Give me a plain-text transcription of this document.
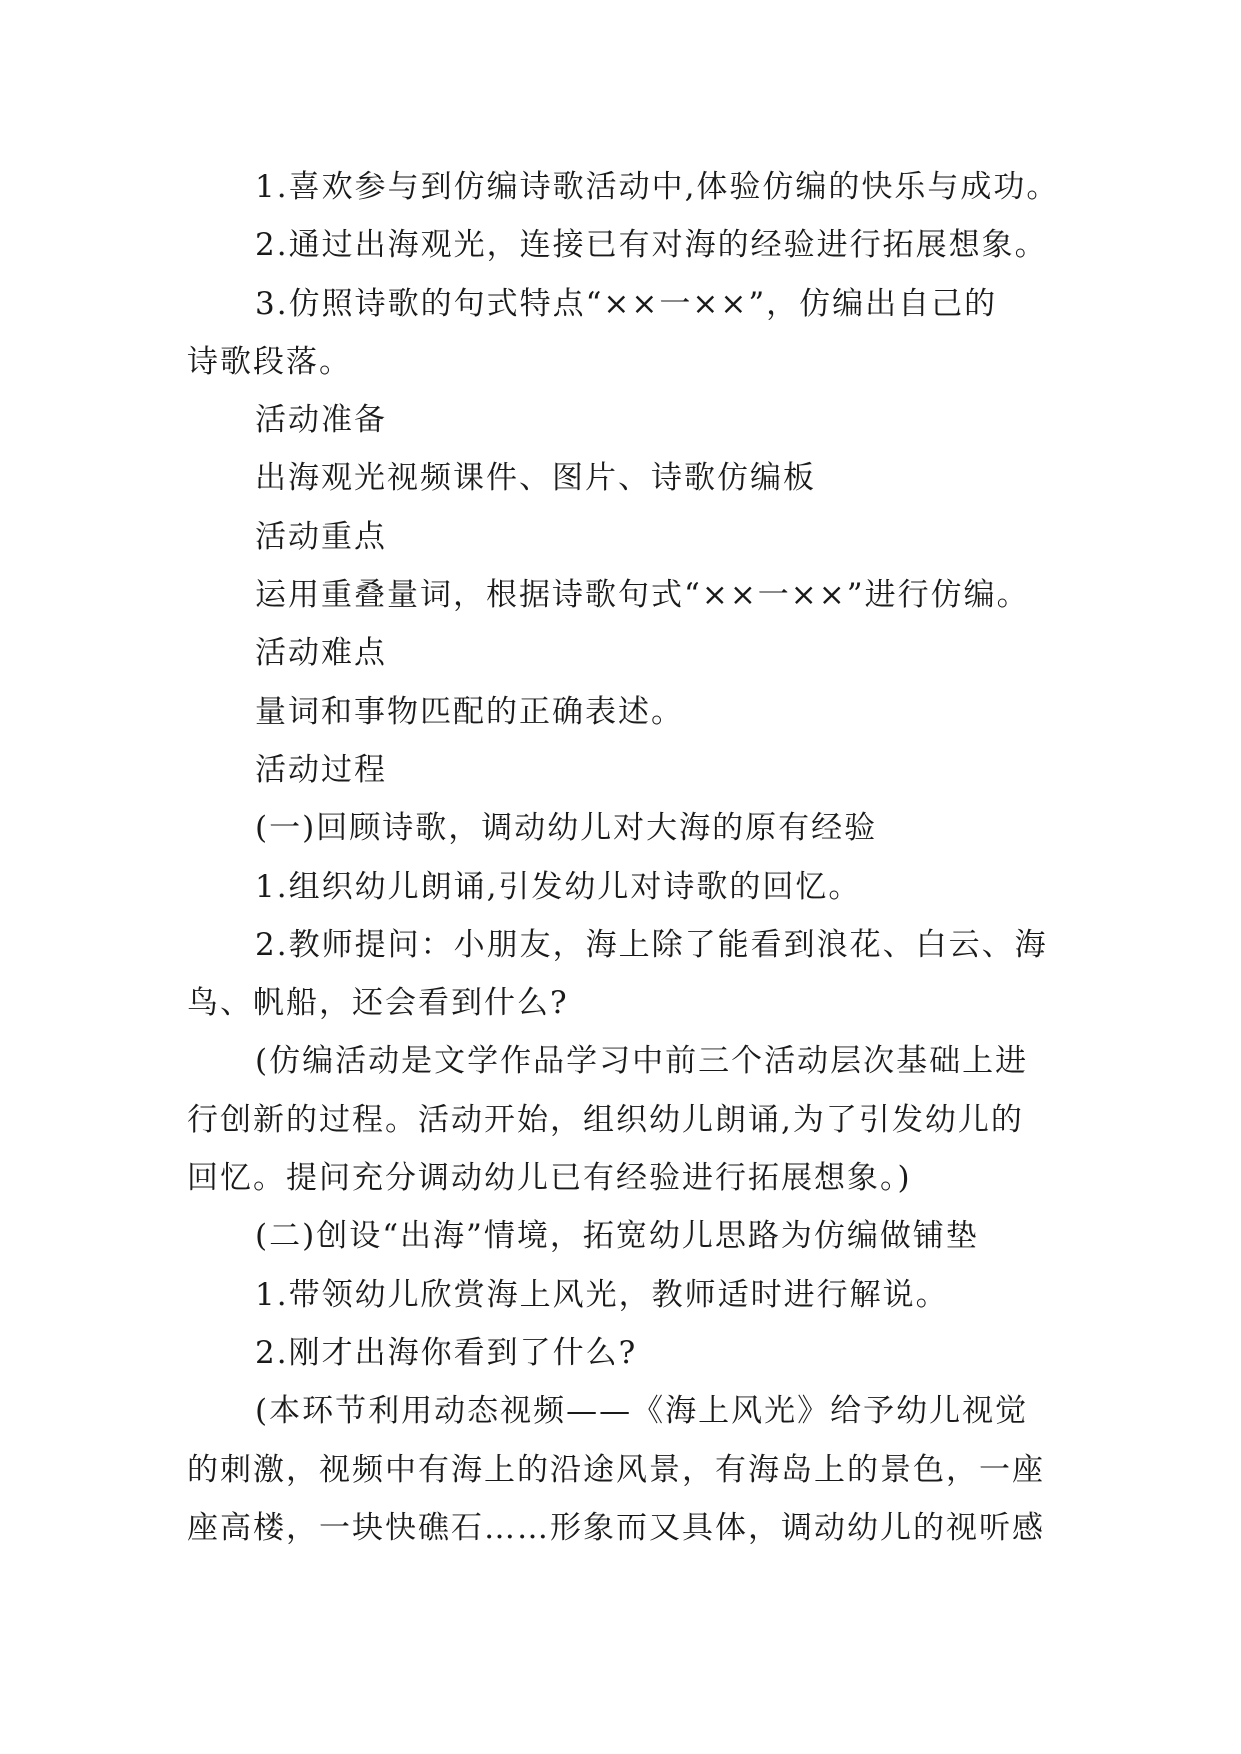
1.喜欢参与到仿编诗歌活动中,体验仿编的快乐与成功。
2.通过出海观光，连接已有对海的经验进行拓展想象。
3.仿照诗歌的句式特点“××一××”，仿编出自己的
诗歌段落。
活动准备
出海观光视频课件、图片、诗歌仿编板
活动重点
运用重叠量词，根据诗歌句式“××一××”进行仿编。
活动难点
量词和事物匹配的正确表述。
活动过程
(一)回顾诗歌，调动幼儿对大海的原有经验
1.组织幼儿朗诵,引发幼儿对诗歌的回忆。
2.教师提问：小朋友，海上除了能看到浪花、白云、海
鸟、帆船，还会看到什么?
(仿编活动是文学作品学习中前三个活动层次基础上进
行创新的过程。活动开始，组织幼儿朗诵,为了引发幼儿的
回忆。提问充分调动幼儿已有经验进行拓展想象。)
(二)创设“出海”情境，拓宽幼儿思路为仿编做铺垫
1.带领幼儿欣赏海上风光，教师适时进行解说。
2.刚才出海你看到了什么?
(本环节利用动态视频——《海上风光》给予幼儿视觉
的刺激，视频中有海上的沿途风景，有海岛上的景色，一座
座高楼，一块快礁石……形象而又具体，调动幼儿的视听感
